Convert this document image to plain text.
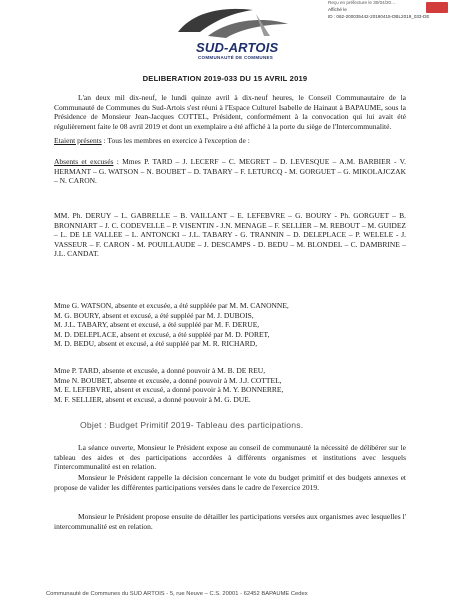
SUD-ARTOIS
COMMUNAUTÉ DE COMMUNES
Reçu en préfecture le 30/04/20…
Affiché le
ID : 062-200035442-20190415-DBL2019_033-DE
DELIBERATION 2019-033 DU 15 AVRIL 2019
L'an deux mil dix-neuf, le lundi quinze avril à dix-neuf heures, le Conseil Communautaire de la Communauté de Communes du Sud-Artois s'est réuni à l'Espace Culturel Isabelle de Hainaut à BAPAUME, sous la Présidence de Monsieur Jean-Jacques COTTEL, Président, conformément à la convocation qui lui avait été régulièrement faite le 08 avril 2019 et dont un exemplaire a été affiché à la porte du siège de l'Intercommunalité.
Etaient présents : Tous les membres en exercice à l'exception de :
Absents et excusés : Mmes P. TARD – J. LECERF – C. MEGRET – D. LEVESQUE – A.M. BARBIER - V. HERMANT – G. WATSON – N. BOUBET – D. TABARY – F. LETURCQ - M. GORGUET – G. MIKOLAJCZAK – N. CARON.
MM. Ph. DERUY – L. GABRELLE – B. VAILLANT – E. LEFEBVRE – G. BOURY - Ph. GORGUET – B. BRONNIART – J. C. CODEVELLE – P. VISENTIN - J.N. MENAGE – F. SELLIER – M. REBOUT – M. GUIDEZ – L. DE LE VALLEE – L. ANTONCKI – J.L. TABARY - G. TRANNIN – D. DELEPLACE – P. WELELE - J. VASSEUR – F. CARON - M. POUILLAUDE – J. DESCAMPS - D. BEDU – M. BLONDEL – C. DAMBRINE – J.L. CANDAT.
Mme G. WATSON, absente et excusée, a été suppléée par M. M. CANONNE,
M. G. BOURY, absent et excusé, a été suppléé par M. J. DUBOIS,
M. J.L. TABARY, absent et excusé, a été suppléé par M. F. DERUE,
M. D. DELEPLACE, absent et excusé, a été suppléé par M. D. PORET,
M. D. BEDU, absent et excusé, a été suppléé par M. R. RICHARD,
Mme P. TARD, absente et excusée, a donné pouvoir à M. B. DE REU,
Mme N. BOUBET, absente et excusée, a donné pouvoir à M. J.J. COTTEL,
M. E. LEFEBVRE, absent et excusé, a donné pouvoir à M. Y. BONNERRE,
M. F. SELLIER, absent et excusé, a donné pouvoir à M. G. DUE.
Objet : Budget Primitif 2019- Tableau des participations.
La séance ouverte, Monsieur le Président expose au conseil de communauté la nécessité de délibérer sur le tableau des aides et des participations accordées à différents organismes et institutions avec lesquels l'intercommunalité est en relation.
Monsieur le Président rappelle la décision concernant le vote du budget primitif et des budgets annexes et propose de valider les différentes participations versées dans le cadre de l'exercice 2019.
Monsieur le Président propose ensuite de détailler les participations versées aux organismes avec lesquelles l' intercommunalité est en relation.
Communauté de Communes du SUD ARTOIS - 5, rue Neuve – C.S. 20001 - 62452 BAPAUME Cedex
